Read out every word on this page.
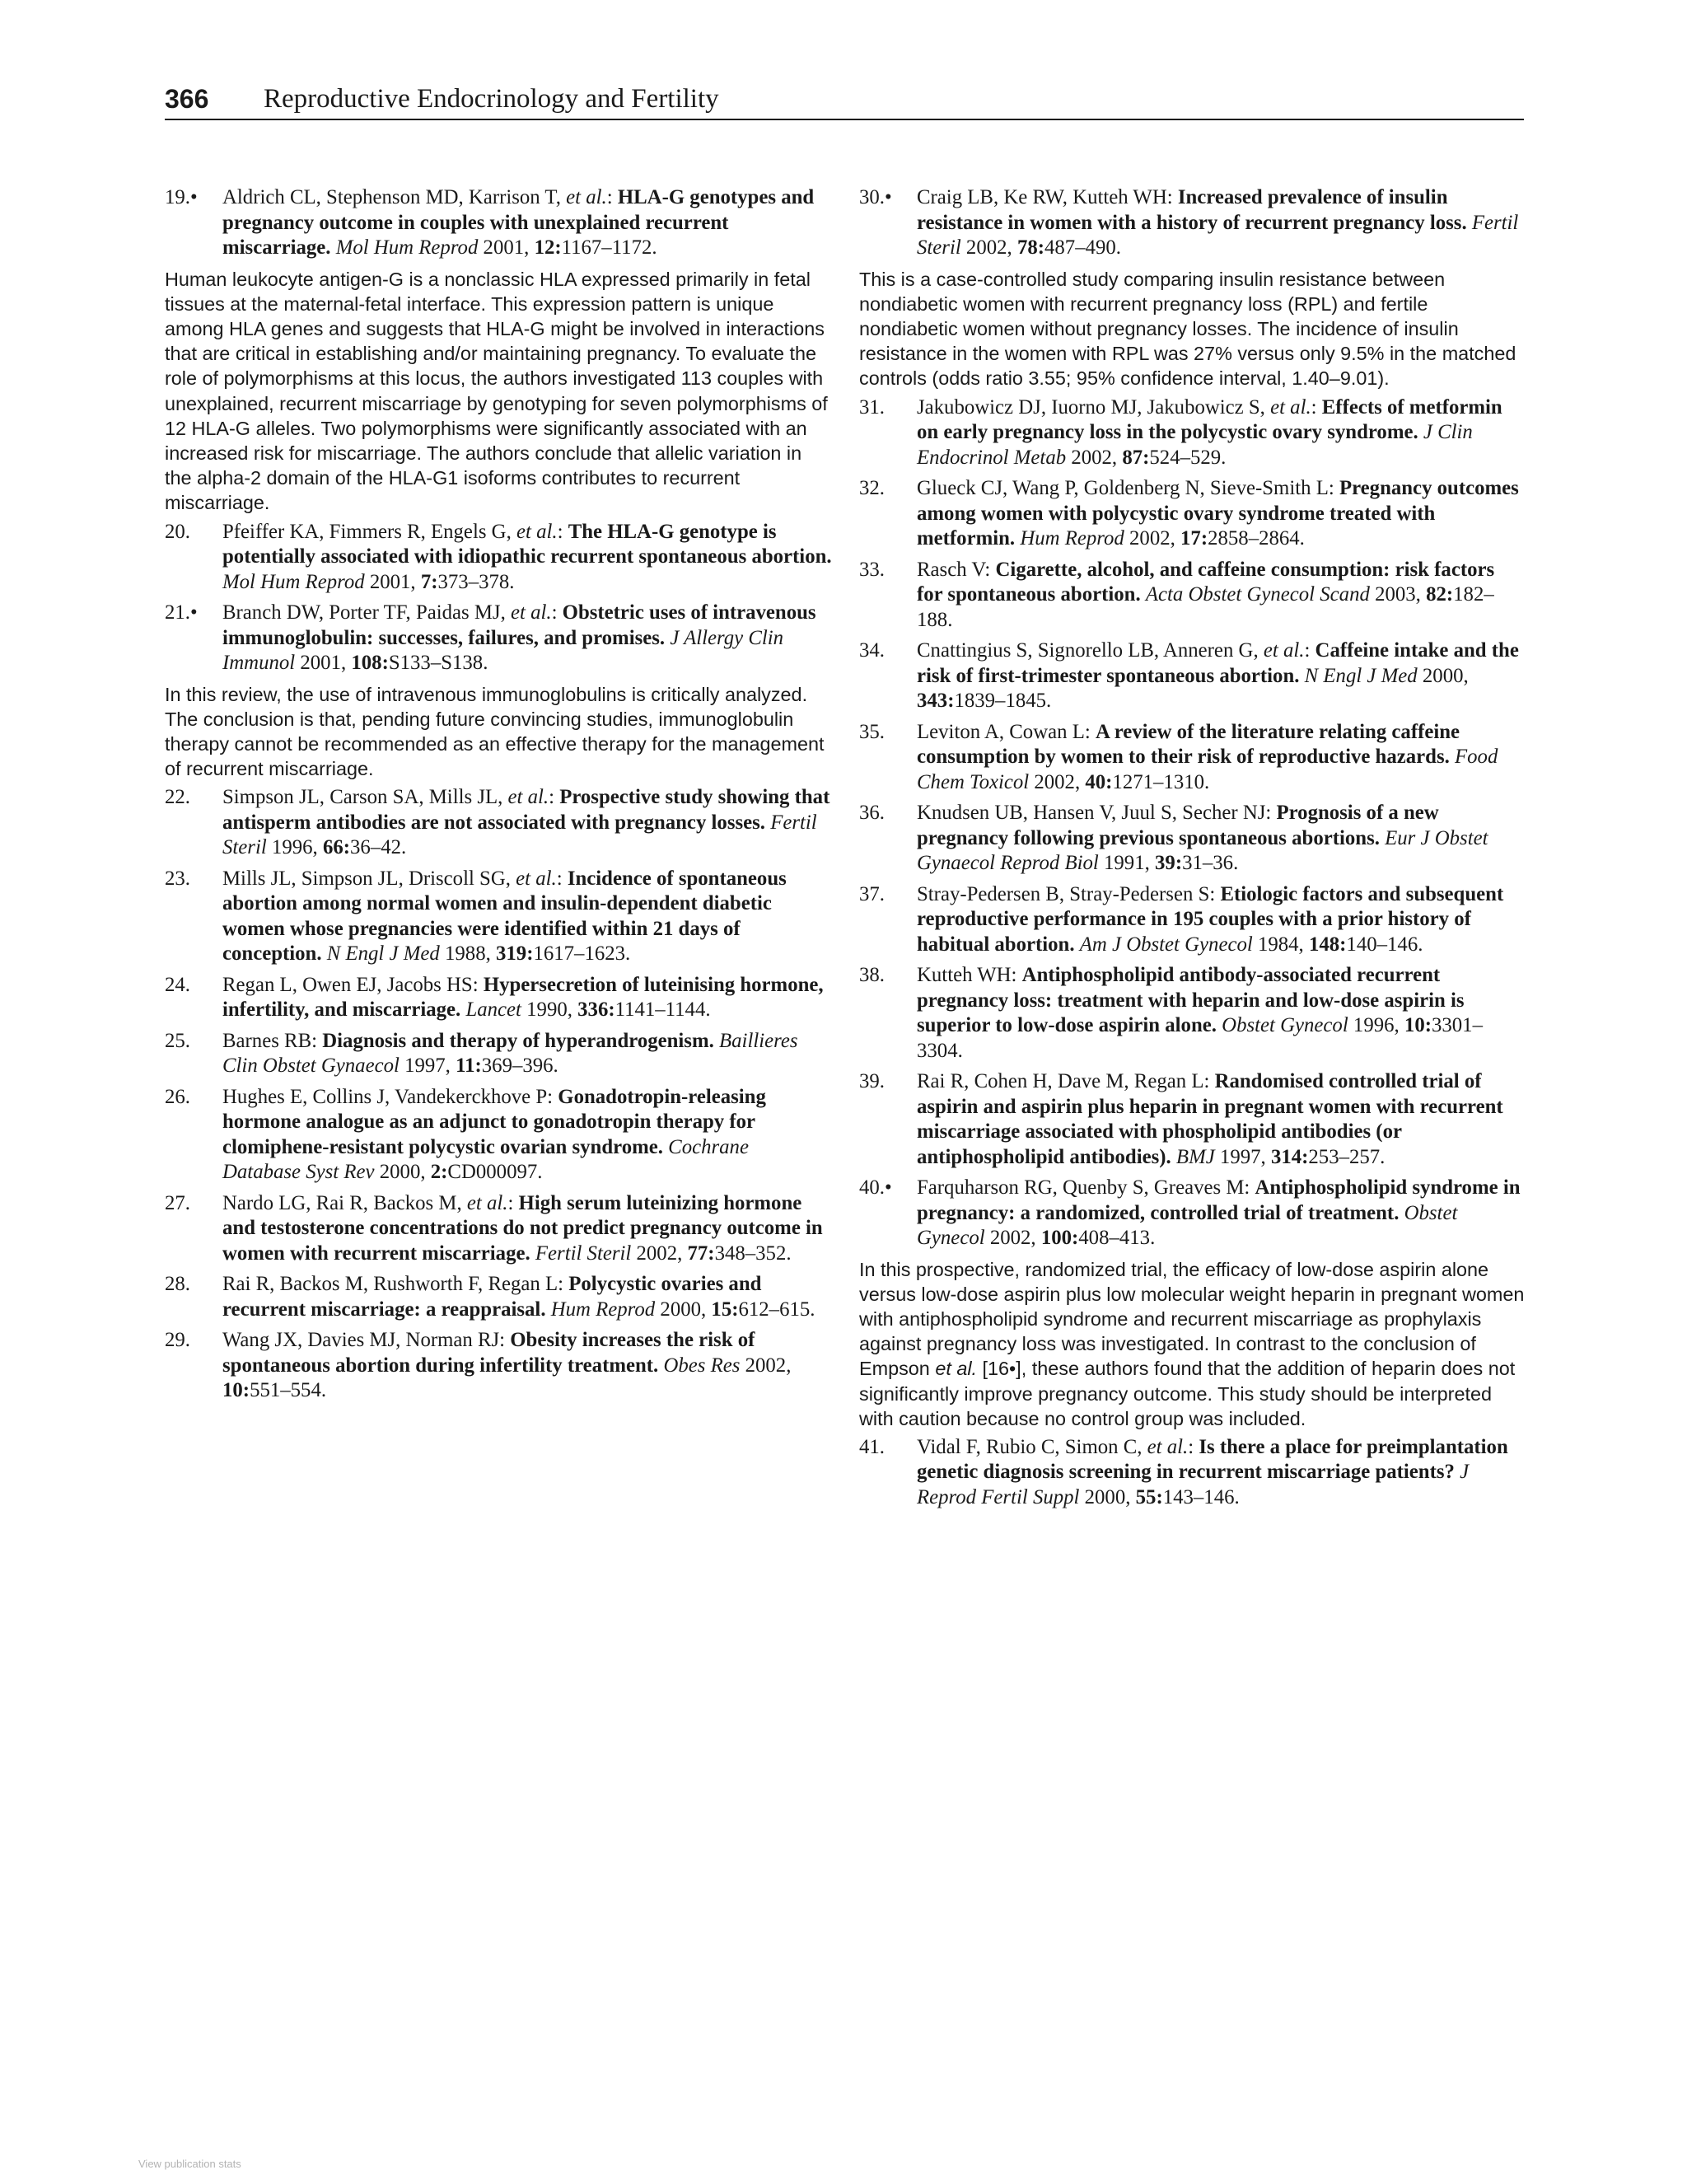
366 Reproductive Endocrinology and Fertility
19.•	Aldrich CL, Stephenson MD, Karrison T, et al.: HLA-G genotypes and pregnancy outcome in couples with unexplained recurrent miscarriage. Mol Hum Reprod 2001, 12:1167–1172.

Human leukocyte antigen-G is a nonclassic HLA expressed primarily in fetal tissues at the maternal-fetal interface. This expression pattern is unique among HLA genes and suggests that HLA-G might be involved in interactions that are critical in establishing and/or maintaining pregnancy. To evaluate the role of polymorphisms at this locus, the authors investigated 113 couples with unexplained, recurrent miscarriage by genotyping for seven polymorphisms of 12 HLA-G alleles. Two polymorphisms were significantly associated with an increased risk for miscarriage. The authors conclude that allelic variation in the alpha-2 domain of the HLA-G1 isoforms contributes to recurrent miscarriage.

20.	Pfeiffer KA, Fimmers R, Engels G, et al.: The HLA-G genotype is potentially associated with idiopathic recurrent spontaneous abortion. Mol Hum Reprod 2001, 7:373–378.
21.•	Branch DW, Porter TF, Paidas MJ, et al.: Obstetric uses of intravenous immunoglobulin: successes, failures, and promises. J Allergy Clin Immunol 2001, 108:S133–S138.

In this review, the use of intravenous immunoglobulins is critically analyzed. The conclusion is that, pending future convincing studies, immunoglobulin therapy cannot be recommended as an effective therapy for the management of recurrent miscarriage.

22.	Simpson JL, Carson SA, Mills JL, et al.: Prospective study showing that antisperm antibodies are not associated with pregnancy losses. Fertil Steril 1996, 66:36–42.
23.	Mills JL, Simpson JL, Driscoll SG, et al.: Incidence of spontaneous abortion among normal women and insulin-dependent diabetic women whose pregnancies were identified within 21 days of conception. N Engl J Med 1988, 319:1617–1623.
24.	Regan L, Owen EJ, Jacobs HS: Hypersecretion of luteinising hormone, infertility, and miscarriage. Lancet 1990, 336:1141–1144.
25.	Barnes RB: Diagnosis and therapy of hyperandrogenism. Baillieres Clin Obstet Gynaecol 1997, 11:369–396.
26.	Hughes E, Collins J, Vandekerckhove P: Gonadotropin-releasing hormone analogue as an adjunct to gonadotropin therapy for clomiphene-resistant polycystic ovarian syndrome. Cochrane Database Syst Rev 2000, 2:CD000097.
27.	Nardo LG, Rai R, Backos M, et al.: High serum luteinizing hormone and testosterone concentrations do not predict pregnancy outcome in women with recurrent miscarriage. Fertil Steril 2002, 77:348–352.
28.	Rai R, Backos M, Rushworth F, Regan L: Polycystic ovaries and recurrent miscarriage: a reappraisal. Hum Reprod 2000, 15:612–615.
29.	Wang JX, Davies MJ, Norman RJ: Obesity increases the risk of spontaneous abortion during infertility treatment. Obes Res 2002, 10:551–554.
30.•	Craig LB, Ke RW, Kutteh WH: Increased prevalence of insulin resistance in women with a history of recurrent pregnancy loss. Fertil Steril 2002, 78:487–490.

This is a case-controlled study comparing insulin resistance between nondiabetic women with recurrent pregnancy loss (RPL) and fertile nondiabetic women without pregnancy losses. The incidence of insulin resistance in the women with RPL was 27% versus only 9.5% in the matched controls (odds ratio 3.55; 95% confidence interval, 1.40–9.01).

31.	Jakubowicz DJ, Iuorno MJ, Jakubowicz S, et al.: Effects of metformin on early pregnancy loss in the polycystic ovary syndrome. J Clin Endocrinol Metab 2002, 87:524–529.
32.	Glueck CJ, Wang P, Goldenberg N, Sieve-Smith L: Pregnancy outcomes among women with polycystic ovary syndrome treated with metformin. Hum Reprod 2002, 17:2858–2864.
33.	Rasch V: Cigarette, alcohol, and caffeine consumption: risk factors for spontaneous abortion. Acta Obstet Gynecol Scand 2003, 82:182–188.
34.	Cnattingius S, Signorello LB, Anneren G, et al.: Caffeine intake and the risk of first-trimester spontaneous abortion. N Engl J Med 2000, 343:1839–1845.
35.	Leviton A, Cowan L: A review of the literature relating caffeine consumption by women to their risk of reproductive hazards. Food Chem Toxicol 2002, 40:1271–1310.
36.	Knudsen UB, Hansen V, Juul S, Secher NJ: Prognosis of a new pregnancy following previous spontaneous abortions. Eur J Obstet Gynaecol Reprod Biol 1991, 39:31–36.
37.	Stray-Pedersen B, Stray-Pedersen S: Etiologic factors and subsequent reproductive performance in 195 couples with a prior history of habitual abortion. Am J Obstet Gynecol 1984, 148:140–146.
38.	Kutteh WH: Antiphospholipid antibody-associated recurrent pregnancy loss: treatment with heparin and low-dose aspirin is superior to low-dose aspirin alone. Obstet Gynecol 1996, 10:3301–3304.
39.	Rai R, Cohen H, Dave M, Regan L: Randomised controlled trial of aspirin and aspirin plus heparin in pregnant women with recurrent miscarriage associated with phospholipid antibodies (or antiphospholipid antibodies). BMJ 1997, 314:253–257.
40.•	Farquharson RG, Quenby S, Greaves M: Antiphospholipid syndrome in pregnancy: a randomized, controlled trial of treatment. Obstet Gynecol 2002, 100:408–413.

In this prospective, randomized trial, the efficacy of low-dose aspirin alone versus low-dose aspirin plus low molecular weight heparin in pregnant women with antiphospholipid syndrome and recurrent miscarriage as prophylaxis against pregnancy loss was investigated. In contrast to the conclusion of Empson et al. [16•], these authors found that the addition of heparin does not significantly improve pregnancy outcome. This study should be interpreted with caution because no control group was included.

41.	Vidal F, Rubio C, Simon C, et al.: Is there a place for preimplantation genetic diagnosis screening in recurrent miscarriage patients? J Reprod Fertil Suppl 2000, 55:143–146.
View publication stats
